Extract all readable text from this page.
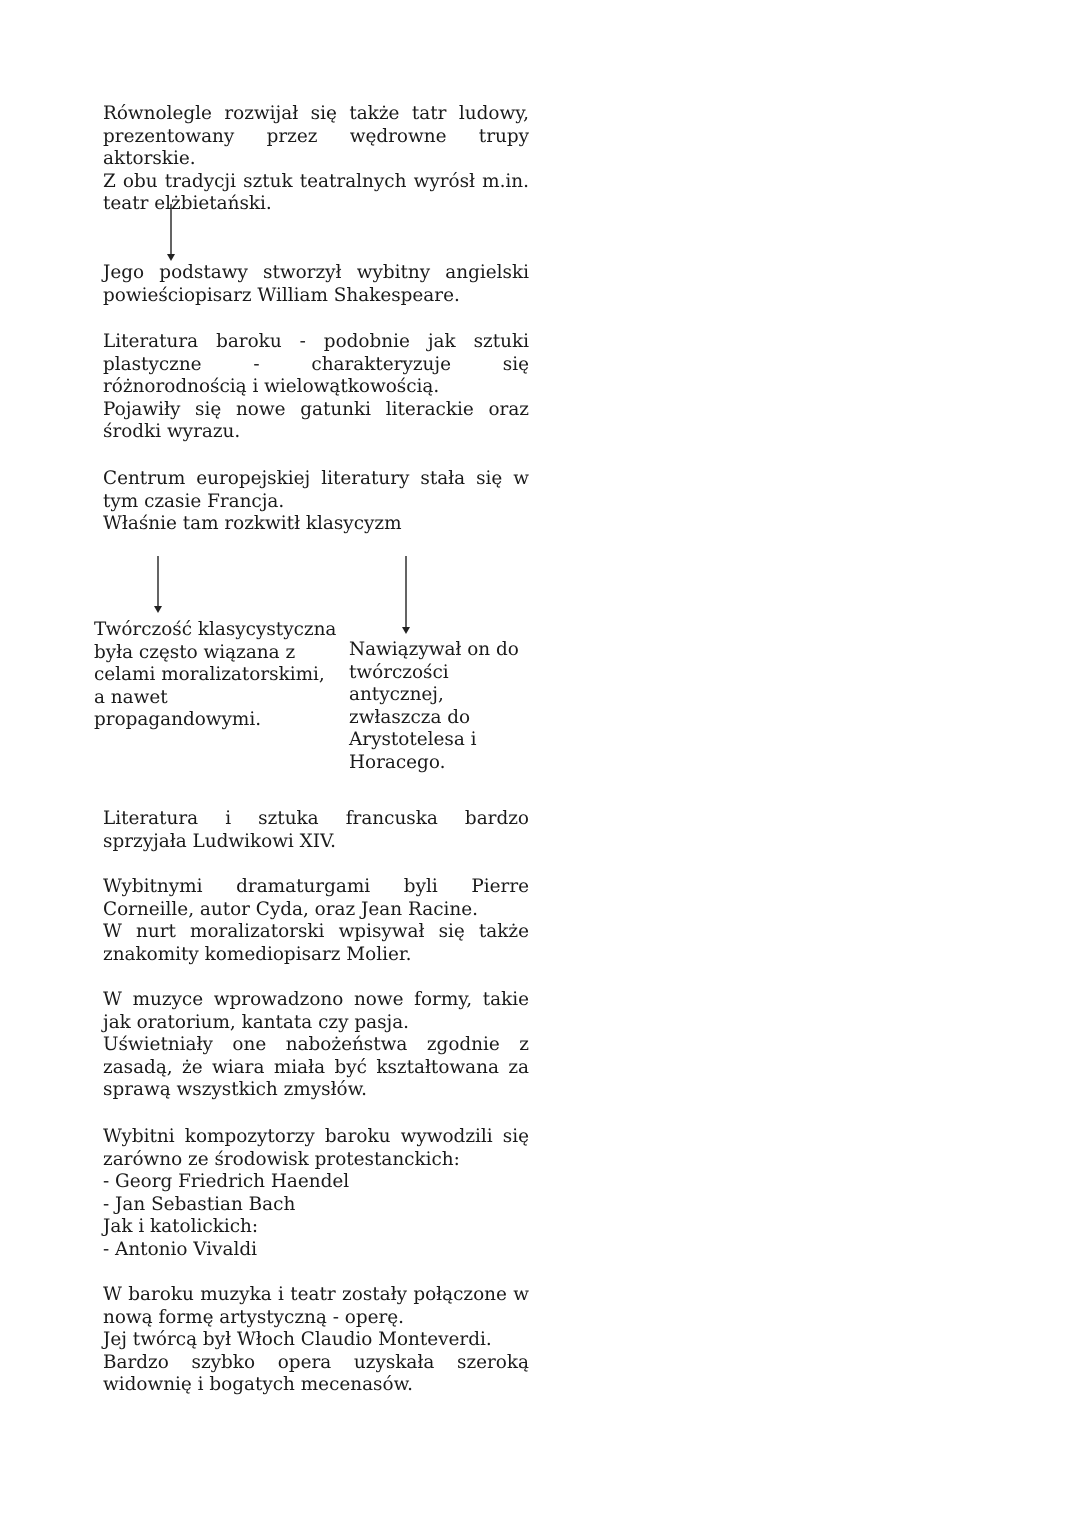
Równolegle rozwijał się także tatr ludowy, prezentowany przez wędrowne trupy aktorskie.

Z obu tradycji sztuk teatralnych wyrósł m.in. teatr elżbietański.

Jego podstawy stworzył wybitny angielski powieściopisarz William Shakespeare.

Literatura baroku - podobnie jak sztuki plastyczne - charakteryzuje się różnorodnością i wielowątkowością.

Pojawiły się nowe gatunki literackie oraz środki wyrazu.

Centrum europejskiej literatury stała się w tym czasie Francja.

Właśnie tam rozkwitł klasycyzm

Twórczość klasycystyczna była często wiązana z celami moralizatorskimi, a nawet propagandowymi.
Nawiązywał on do twórczości antycznej, zwłaszcza do Arystotelesa i Horacego.

Literatura i sztuka francuska bardzo sprzyjała Ludwikowi XIV.

Wybitnymi dramaturgami byli Pierre Corneille, autor Cyda, oraz Jean Racine.

W nurt moralizatorski wpisywał się także znakomity komediopisarz Molier.

W muzyce wprowadzono nowe formy, takie jak oratorium, kantata czy pasja.

Uświetniały one nabożeństwa zgodnie z zasadą, że wiara miała być kształtowana za sprawą wszystkich zmysłów.

Wybitni kompozytorzy baroku wywodzili się zarówno ze środowisk protestanckich:

- Georg Friedrich Haendel

- Jan Sebastian Bach

Jak i katolickich:

- Antonio Vivaldi

W baroku muzyka i teatr zostały połączone w nową formę artystyczną - operę.

Jej twórcą był Włoch Claudio Monteverdi.

Bardzo szybko opera uzyskała szeroką widownię i bogatych mecenasów.
